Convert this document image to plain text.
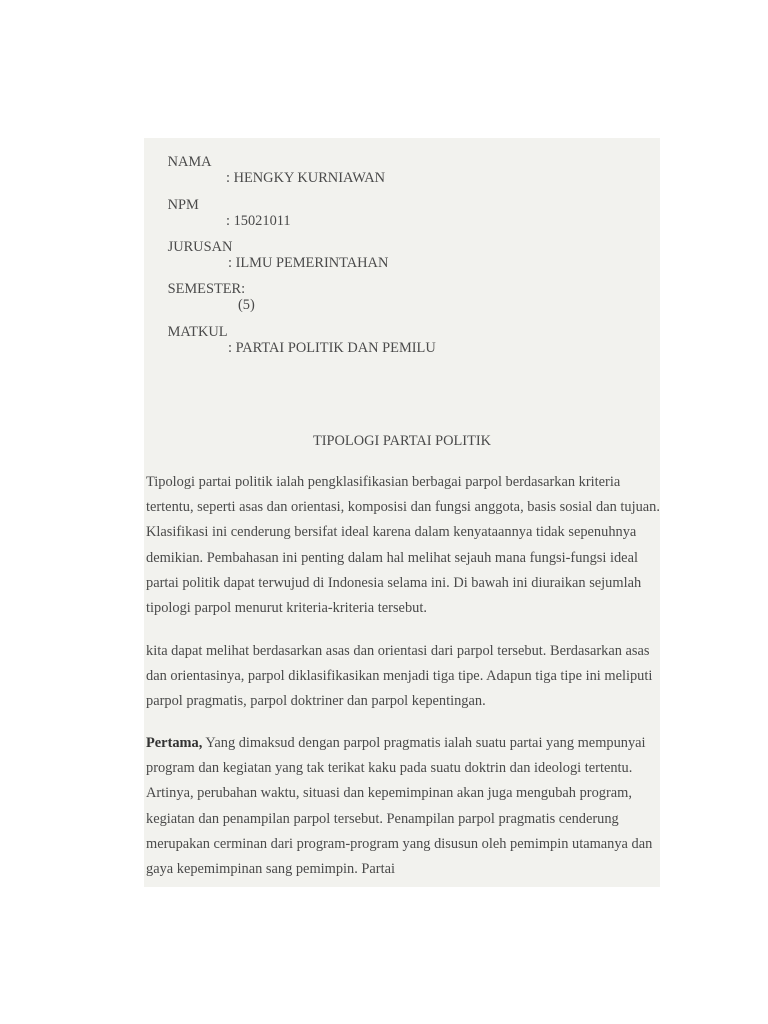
NAMA

: HENGKY KURNIAWAN

NPM

: 15021011

JURUSAN

: ILMU PEMERINTAHAN

SEMESTER:

(5)

MATKUL

: PARTAI POLITIK DAN PEMILU

TIPOLOGI PARTAI POLITIK

Tipologi partai politik ialah pengklasifikasian berbagai parpol berdasarkan kriteria tertentu, seperti asas dan orientasi, komposisi dan fungsi anggota, basis sosial dan tujuan. Klasifikasi ini cenderung bersifat ideal karena dalam kenyataannya tidak sepenuhnya demikian. Pembahasan ini penting dalam hal melihat sejauh mana fungsi-fungsi ideal partai politik dapat terwujud di Indonesia selama ini. Di bawah ini diuraikan sejumlah tipologi parpol menurut kriteria-kriteria tersebut.

kita dapat melihat berdasarkan asas dan orientasi dari parpol tersebut. Berdasarkan asas dan orientasinya, parpol diklasifikasikan menjadi tiga tipe. Adapun tiga tipe ini meliputi parpol pragmatis, parpol doktriner dan parpol kepentingan.

Pertama, Yang dimaksud dengan parpol pragmatis ialah suatu partai yang mempunyai program dan kegiatan yang tak terikat kaku pada suatu doktrin dan ideologi tertentu. Artinya, perubahan waktu, situasi dan kepemimpinan akan juga mengubah program, kegiatan dan penampilan parpol tersebut. Penampilan parpol pragmatis cenderung merupakan cerminan dari program-program yang disusun oleh pemimpin utamanya dan gaya kepemimpinan sang pemimpin. Partai
